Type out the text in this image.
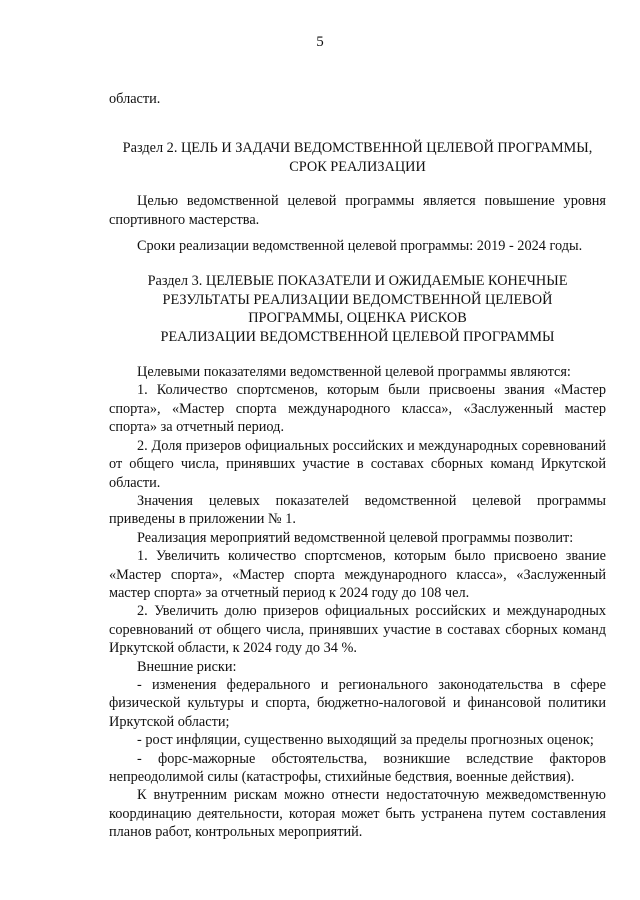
5

области.

Раздел 2. ЦЕЛЬ И ЗАДАЧИ ВЕДОМСТВЕННОЙ ЦЕЛЕВОЙ ПРОГРАММЫ,
СРОК РЕАЛИЗАЦИИ

Целью ведомственной целевой программы является повышение уровня спортивного мастерства.

Сроки реализации ведомственной целевой программы: 2019 - 2024 годы.

Раздел 3. ЦЕЛЕВЫЕ ПОКАЗАТЕЛИ И ОЖИДАЕМЫЕ КОНЕЧНЫЕ
РЕЗУЛЬТАТЫ РЕАЛИЗАЦИИ ВЕДОМСТВЕННОЙ ЦЕЛЕВОЙ
ПРОГРАММЫ, ОЦЕНКА РИСКОВ
РЕАЛИЗАЦИИ ВЕДОМСТВЕННОЙ ЦЕЛЕВОЙ ПРОГРАММЫ

Целевыми показателями ведомственной целевой программы являются:

1. Количество спортсменов, которым были присвоены звания «Мастер спорта», «Мастер спорта международного класса», «Заслуженный мастер спорта» за отчетный период.

2. Доля призеров официальных российских и международных соревнований от общего числа, принявших участие в составах сборных команд Иркутской области.

Значения целевых показателей ведомственной целевой программы приведены в приложении № 1.

Реализация мероприятий ведомственной целевой программы позволит:

1. Увеличить количество спортсменов, которым было присвоено звание «Мастер спорта», «Мастер спорта международного класса», «Заслуженный мастер спорта» за отчетный период к 2024 году до 108 чел.

2. Увеличить долю призеров официальных российских и международных соревнований от общего числа, принявших участие в составах сборных команд Иркутской области, к 2024 году до 34 %.

Внешние риски:

- изменения федерального и регионального законодательства в сфере физической культуры и спорта, бюджетно-налоговой и финансовой политики Иркутской области;

- рост инфляции, существенно выходящий за пределы прогнозных оценок;

- форс-мажорные обстоятельства, возникшие вследствие факторов непреодолимой силы (катастрофы, стихийные бедствия, военные действия).

К внутренним рискам можно отнести недостаточную межведомственную координацию деятельности, которая может быть устранена путем составления планов работ, контрольных мероприятий.
